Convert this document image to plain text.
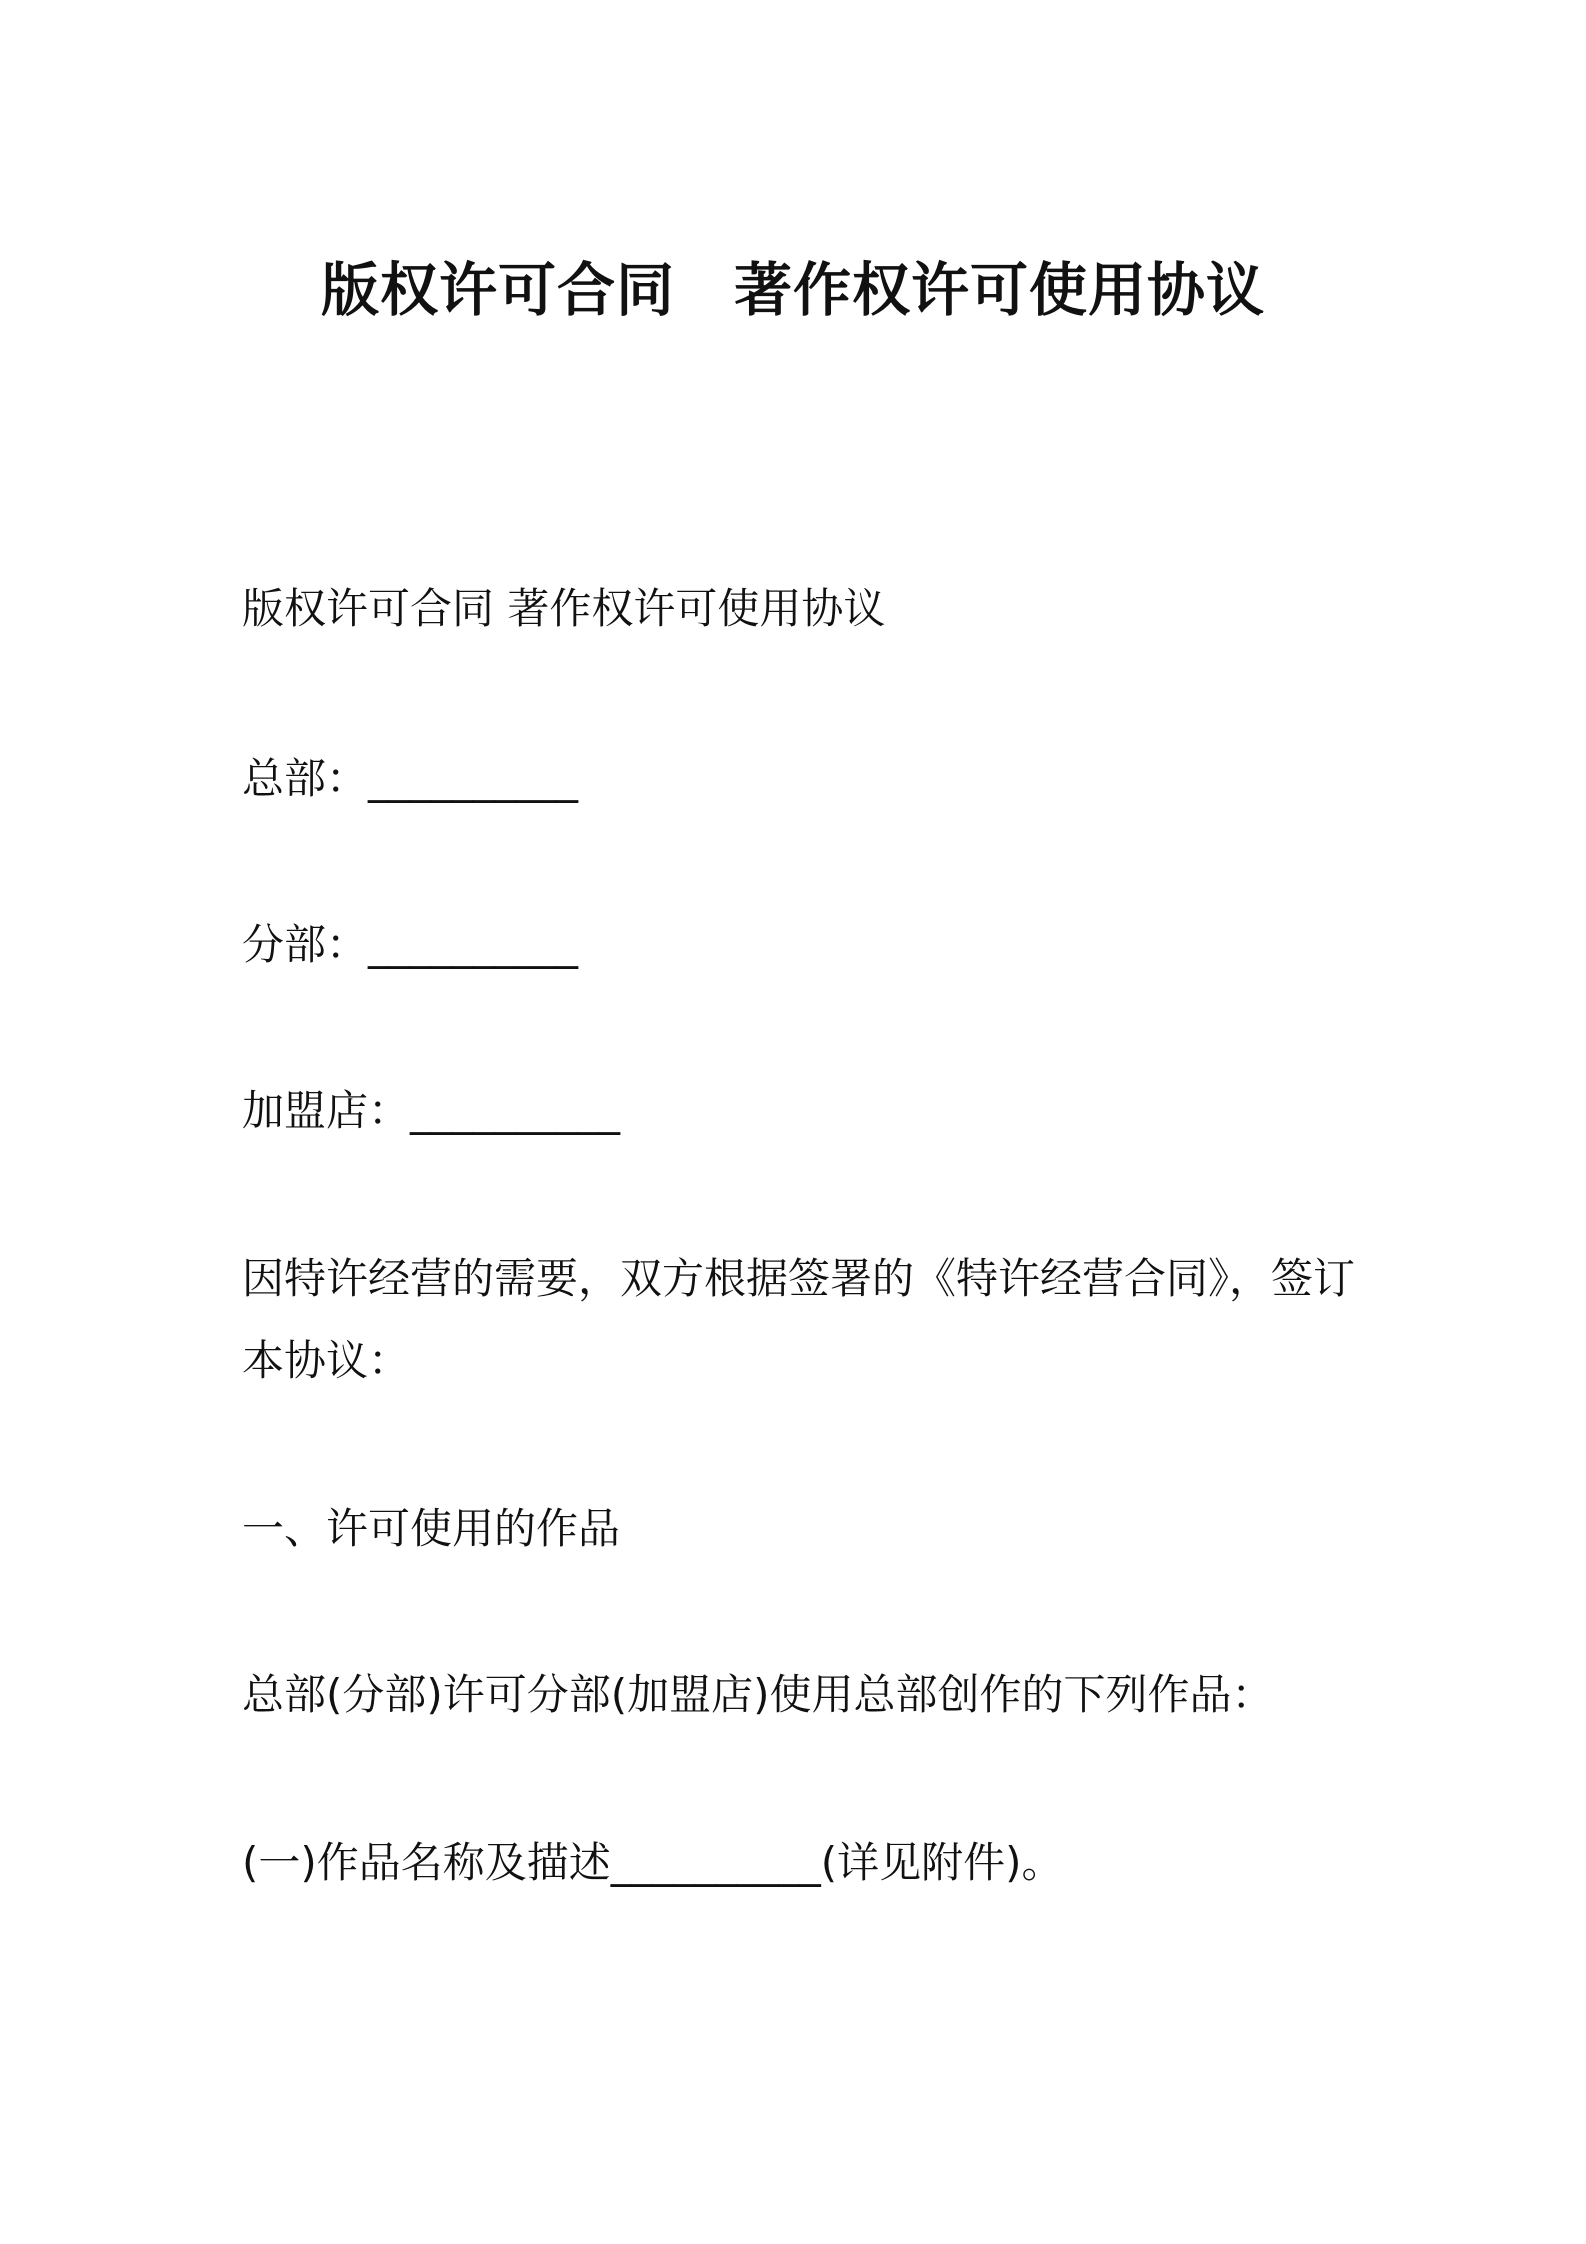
版权许可合同　著作权许可使用协议
版权许可合同 著作权许可使用协议
总部：__________
分部：__________
加盟店：__________
因特许经营的需要，双方根据签署的《特许经营合同》，签订本协议：
一、许可使用的作品
总部(分部)许可分部(加盟店)使用总部创作的下列作品：
(一)作品名称及描述__________(详见附件)。
